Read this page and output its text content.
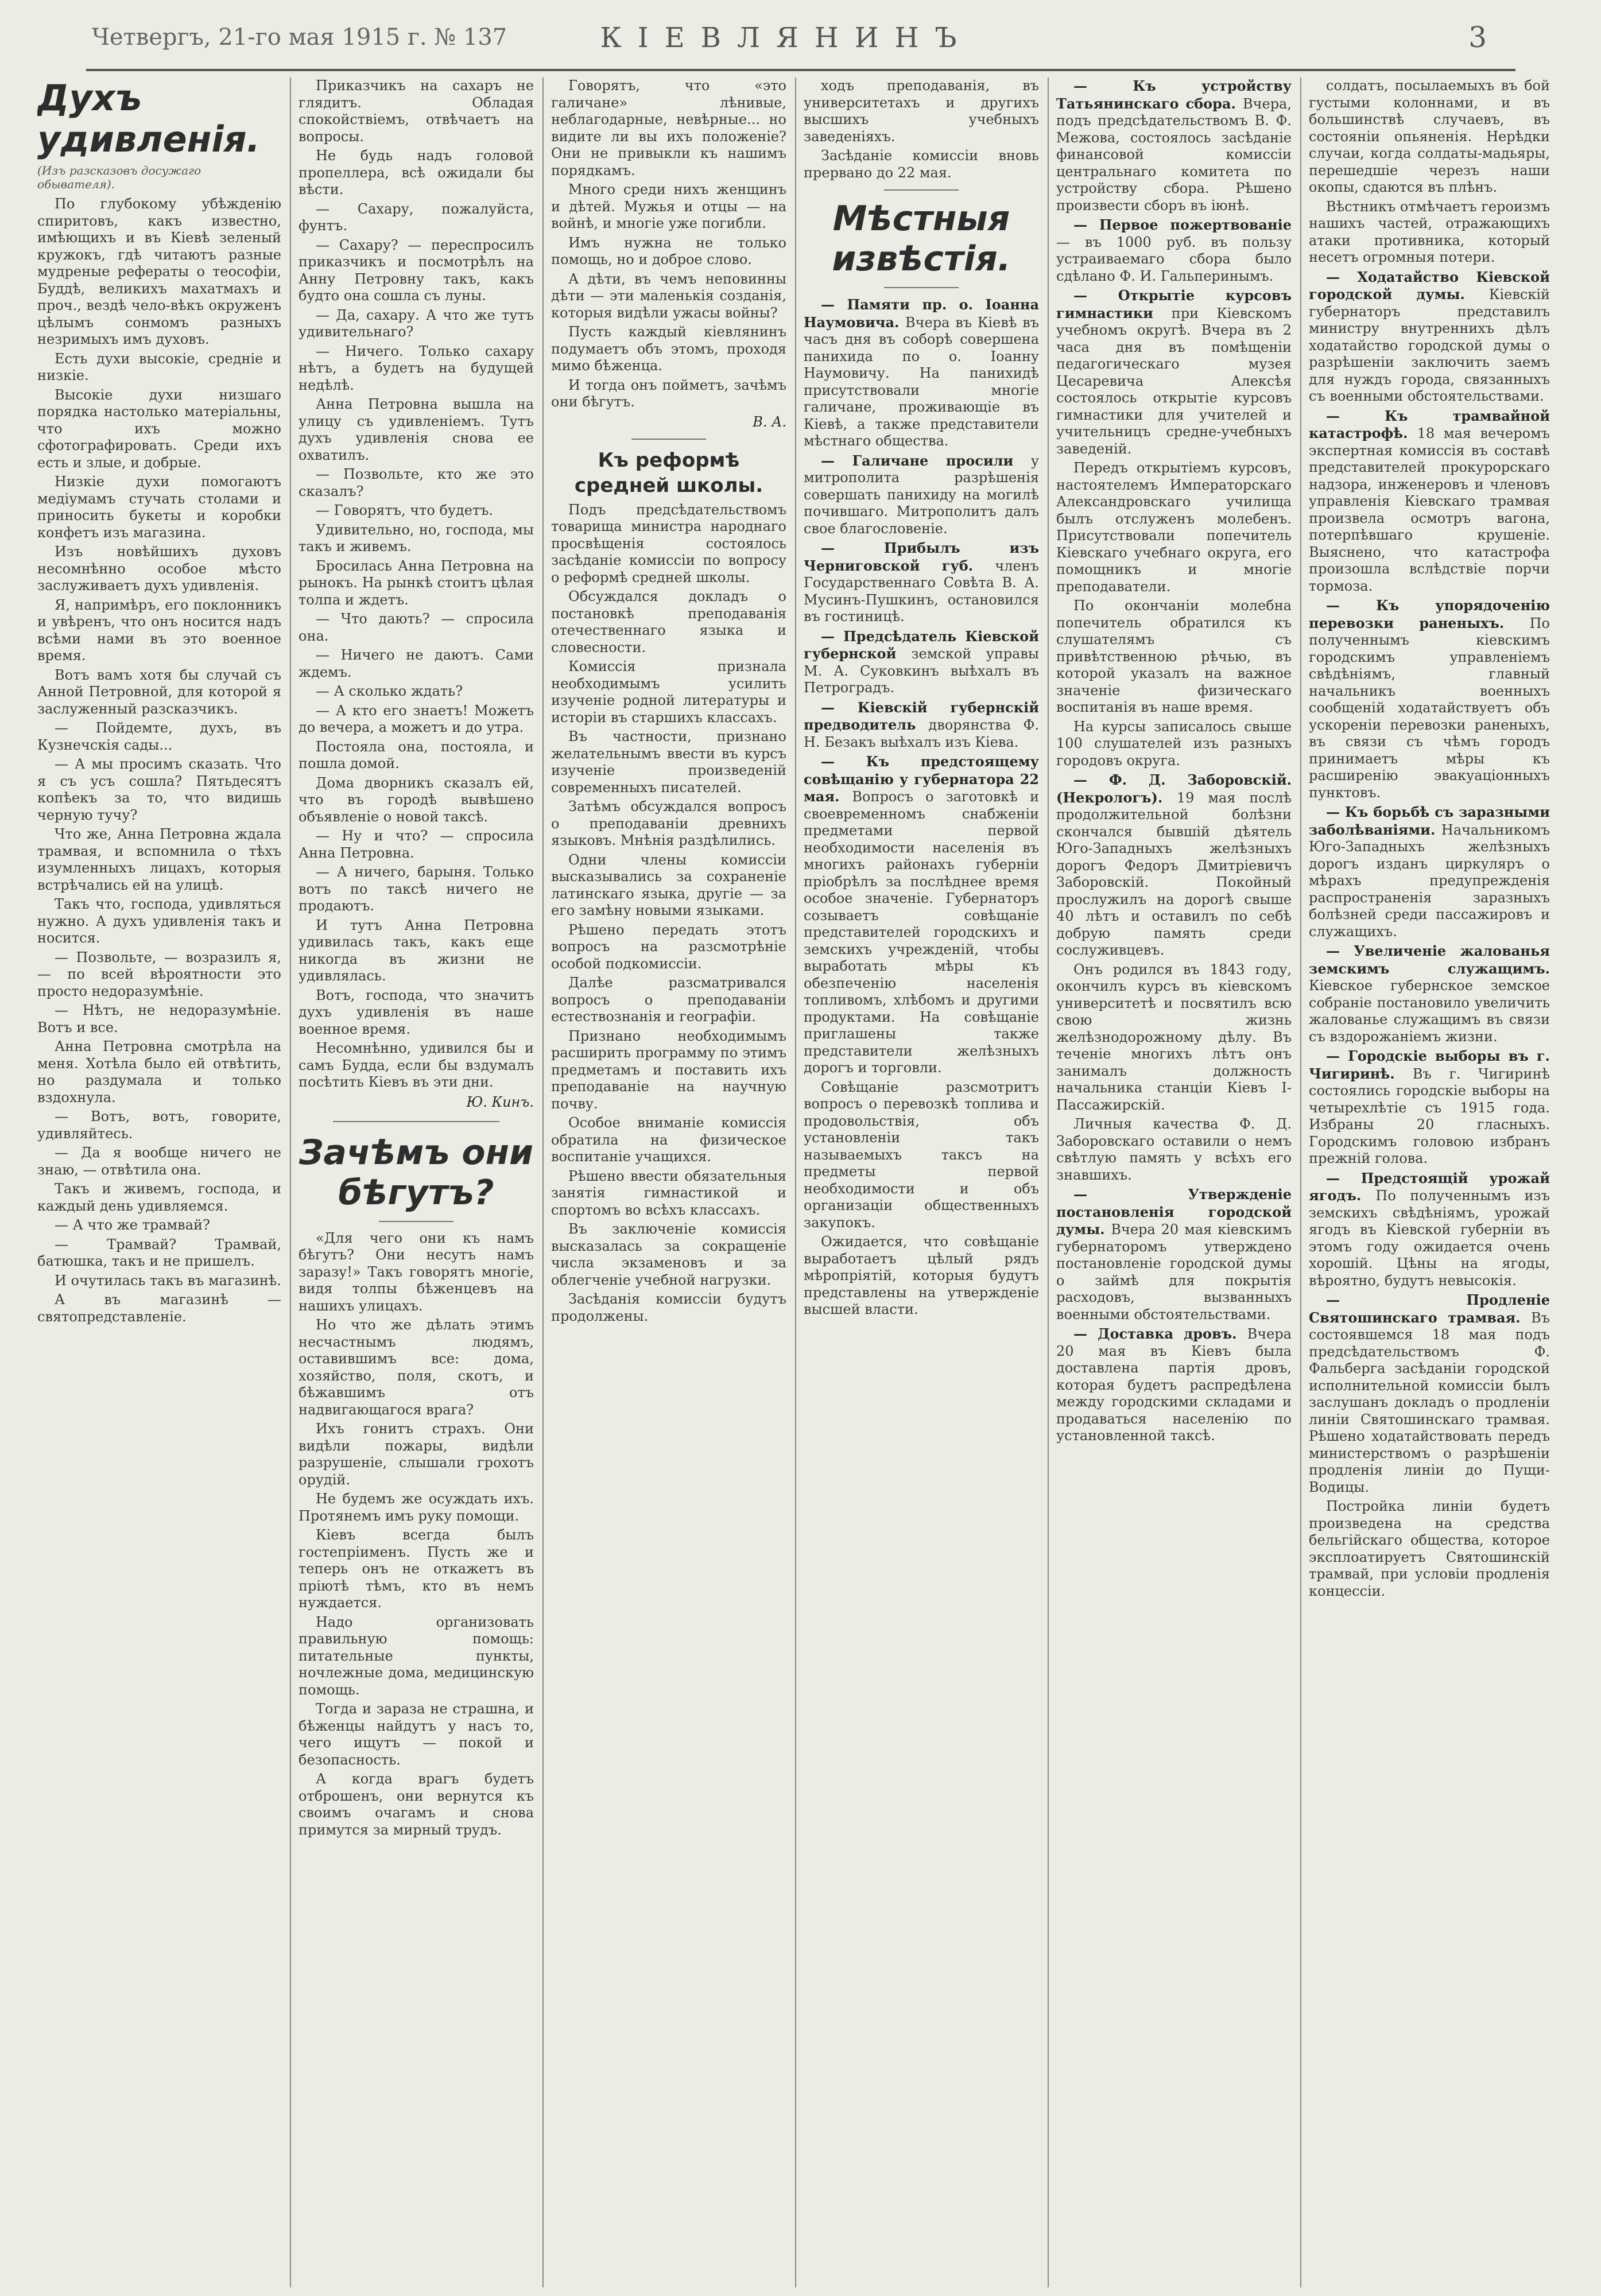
Четвергъ, 21-го мая 1915 г. № 137	КІЕВЛЯНИНЪ	3
Духъ удивленія.
(Изъ разсказовъ досужаго обывателя).

По глубокому убѣжденію спиритовъ, какъ известно, имѣющихъ и въ Кіевѣ зеленый кружокъ, гдѣ читаютъ разные мудреные рефераты о теософіи, Буддѣ, великихъ махатмахъ и проч., вездѣ чело-вѣкъ окруженъ цѣлымъ сонмомъ разныхъ незримыхъ имъ духовъ.

Есть духи высокіе, средніе и низкіе.

Высокіе духи низшаго порядка настолько матеріальны, что ихъ можно сфотографировать. Среди ихъ есть и злые, и добрые.

Низкіе духи помогаютъ медіумамъ стучать столами и приносить букеты и коробки конфетъ изъ магазина.

Изъ новѣйшихъ духовъ несомнѣнно особое мѣсто заслуживаетъ духъ удивленія.

Я, напримѣръ, его поклонникъ и увѣренъ, что онъ носится надъ всѣми нами въ это военное время.

Вотъ вамъ хотя бы случай съ Анной Петровной, для которой я заслуженный разсказчикъ.

— Пойдемте, духъ, въ Кузнечскія сады...

— А мы просимъ сказать. Что я съ усъ сошла? Пятьдесятъ копѣекъ за то, что видишь черную тучу?

Что же, Анна Петровна ждала трамвая, и вспомнила о тѣхъ изумленныхъ лицахъ, которыя встрѣчались ей на улицѣ.

Такъ что, господа, удивляться нужно. А духъ удивленія такъ и носится.

— Позвольте, — возразилъ я, — по всей вѣроятности это просто недоразумѣніе.

— Нѣтъ, не недоразумѣніе. Вотъ и все.

Анна Петровна смотрѣла на меня. Хотѣла было ей отвѣтить, но раздумала и только вздохнула.

— Вотъ, вотъ, говорите, удивляйтесь.

— Да я вообще ничего не знаю, — отвѣтила она.

Такъ и живемъ, господа, и каждый день удивляемся.

— А что же трамвай?

— Трамвай? Трамвай, батюшка, такъ и не пришелъ.

И очутилась такъ въ магазинѣ.

А въ магазинѣ — святопредставленіе.

Приказчикъ на сахаръ не глядитъ. Обладая спокойствіемъ, отвѣчаетъ на вопросы.

Не будь надъ головой пропеллера, всѣ ожидали бы вѣсти.

— Сахару, пожалуйста, фунтъ.

— Сахару? — переспросилъ приказчикъ и посмотрѣлъ на Анну Петровну такъ, какъ будто она сошла съ луны.

— Да, сахару. А что же тутъ удивительнаго?

— Ничего. Только сахару нѣтъ, а будетъ на будущей недѣлѣ.

Анна Петровна вышла на улицу съ удивленіемъ. Тутъ духъ удивленія снова ее охватилъ.

— Позвольте, кто же это сказалъ?

— Говорятъ, что будетъ.

Удивительно, но, господа, мы такъ и живемъ.

Бросилась Анна Петровна на рынокъ. На рынкѣ стоитъ цѣлая толпа и ждетъ.

— Что дають? — спросила она.

— Ничего не даютъ. Сами ждемъ.

— А сколько ждать?

— А кто его знаетъ! Можетъ до вечера, а можетъ и до утра.

Постояла она, постояла, и пошла домой.

Дома дворникъ сказалъ ей, что въ городѣ вывѣшено объявленіе о новой таксѣ.

— Ну и что? — спросила Анна Петровна.

— А ничего, барыня. Только вотъ по таксѣ ничего не продаютъ.

И тутъ Анна Петровна удивилась такъ, какъ еще никогда въ жизни не удивлялась.

Вотъ, господа, что значитъ духъ удивленія въ наше военное время.

Несомнѣнно, удивился бы и самъ Будда, если бы вздумалъ посѣтить Кіевъ въ эти дни.

Ю. Кинъ.
Зачѣмъ они бѣгутъ?

«Для чего они къ намъ бѣгутъ? Они несутъ намъ заразу!» Такъ говорятъ многіе, видя толпы бѣженцевъ на нашихъ улицахъ.

Но что же дѣлать этимъ несчастнымъ людямъ, оставившимъ все: дома, хозяйство, поля, скотъ, и бѣжавшимъ отъ надвигающагося врага?

Ихъ гонитъ страхъ. Они видѣли пожары, видѣли разрушеніе, слышали грохотъ орудій.

Не будемъ же осуждать ихъ. Протянемъ имъ руку помощи.

Кіевъ всегда былъ гостепріименъ. Пусть же и теперь онъ не откажетъ въ пріютѣ тѣмъ, кто въ немъ нуждается.

Надо организовать правильную помощь: питательные пункты, ночлежные дома, медицинскую помощь.

Тогда и зараза не страшна, и бѣженцы найдутъ у насъ то, чего ищутъ — покой и безопасность.

А когда врагъ будетъ отброшенъ, они вернутся къ своимъ очагамъ и снова примутся за мирный трудъ.

Говорятъ, что «это галичане» лѣнивые, неблагодарные, невѣрные... но видите ли вы ихъ положеніе? Они не привыкли къ нашимъ порядкамъ.

Много среди нихъ женщинъ и дѣтей. Мужья и отцы — на войнѣ, и многіе уже погибли.

Имъ нужна не только помощь, но и доброе слово.

А дѣти, въ чемъ неповинны дѣти — эти маленькія созданія, которыя видѣли ужасы войны?

Пусть каждый кіевлянинъ подумаетъ объ этомъ, проходя мимо бѣженца.

И тогда онъ пойметъ, зачѣмъ они бѣгутъ.

В. А.
Къ реформѣ средней школы.

Подъ предсѣдательствомъ товарища министра народнаго просвѣщенія состоялось засѣданіе комиссіи по вопросу о реформѣ средней школы.

Обсуждался докладъ о постановкѣ преподаванія отечественнаго языка и словесности.

Комиссія признала необходимымъ усилить изученіе родной литературы и исторіи въ старшихъ классахъ.

Въ частности, признано желательнымъ ввести въ курсъ изученіе произведеній современныхъ писателей.

Затѣмъ обсуждался вопросъ о преподаваніи древнихъ языковъ. Мнѣнія раздѣлились.

Одни члены комиссіи высказывались за сохраненіе латинскаго языка, другіе — за его замѣну новыми языками.

Рѣшено передать этотъ вопросъ на разсмотрѣніе особой подкомиссіи.

Далѣе разсматривался вопросъ о преподаваніи естествознанія и географіи.

Признано необходимымъ расширить программу по этимъ предметамъ и поставить ихъ преподаваніе на научную почву.

Особое вниманіе комиссія обратила на физическое воспитаніе учащихся.

Рѣшено ввести обязательныя занятія гимнастикой и спортомъ во всѣхъ классахъ.

Въ заключеніе комиссія высказалась за сокращеніе числа экзаменовъ и за облегченіе учебной нагрузки.

Засѣданія комиссіи будутъ продолжены.

ходъ преподаванія, въ университетахъ и другихъ высшихъ учебныхъ заведеніяхъ.

Засѣданіе комиссіи вновь прервано до 22 мая.

Мѣстныя извѣстія.

— Памяти пр. о. Іоанна Наумовича. Вчера въ Кіевѣ въ часъ дня въ соборѣ совершена панихида по о. Іоанну Наумовичу. На панихидѣ присутствовали многіе галичане, проживающіе въ Кіевѣ, а также представители мѣстнаго общества.

— Галичане просили у митрополита разрѣшенія совершать панихиду на могилѣ почившаго. Митрополитъ далъ свое благословеніе.

— Прибылъ изъ Черниговской губ. членъ Государственнаго Совѣта В. А. Мусинъ-Пушкинъ, остановился въ гостиницѣ.

— Предсѣдатель Кіевской губернской земской управы М. А. Суковкинъ выѣхалъ въ Петроградъ.

— Кіевскій губернскій предводитель дворянства Ф. Н. Безакъ выѣхалъ изъ Кіева.

— Къ предстоящему совѣщанію у губернатора 22 мая. Вопросъ о заготовкѣ и своевременномъ снабженіи предметами первой необходимости населенія въ многихъ районахъ губерніи пріобрѣлъ за послѣднее время особое значеніе. Губернаторъ созываетъ совѣщаніе представителей городскихъ и земскихъ учрежденій, чтобы выработать мѣры къ обезпеченію населенія топливомъ, хлѣбомъ и другими продуктами. На совѣщаніе приглашены также представители желѣзныхъ дорогъ и торговли.

Совѣщаніе разсмотритъ вопросъ о перевозкѣ топлива и продовольствія, объ установленіи такъ называемыхъ таксъ на предметы первой необходимости и объ организаціи общественныхъ закупокъ.

Ожидается, что совѣщаніе выработаетъ цѣлый рядъ мѣропріятій, которыя будутъ представлены на утвержденіе высшей власти.

— Къ устройству Татьянинскаго сбора. Вчера, подъ предсѣдательствомъ В. Ф. Межова, состоялось засѣданіе финансовой комиссіи центральнаго комитета по устройству сбора. Рѣшено произвести сборъ въ іюнѣ.

— Первое пожертвованіе — въ 1000 руб. въ пользу устраиваемаго сбора было сдѣлано Ф. И. Гальперинымъ.

— Открытіе курсовъ гимнастики при Кіевскомъ учебномъ округѣ. Вчера въ 2 часа дня въ помѣщеніи педагогическаго музея Цесаревича Алексѣя состоялось открытіе курсовъ гимнастики для учителей и учительницъ средне-учебныхъ заведеній.

Передъ открытіемъ курсовъ, настоятелемъ Императорскаго Александровскаго училища былъ отслуженъ молебенъ. Присутствовали попечитель Кіевскаго учебнаго округа, его помощникъ и многіе преподаватели.

По окончаніи молебна попечитель обратился къ слушателямъ съ привѣтственною рѣчью, въ которой указалъ на важное значеніе физическаго воспитанія въ наше время.

На курсы записалось свыше 100 слушателей изъ разныхъ городовъ округа.

— Ф. Д. Заборовскій. (Некрологъ). 19 мая послѣ продолжительной болѣзни скончался бывшій дѣятель Юго-Западныхъ желѣзныхъ дорогъ Федоръ Дмитріевичъ Заборовскій. Покойный прослужилъ на дорогѣ свыше 40 лѣтъ и оставилъ по себѣ добрую память среди сослуживцевъ.

Онъ родился въ 1843 году, окончилъ курсъ въ кіевскомъ университетѣ и посвятилъ всю свою жизнь желѣзнодорожному дѣлу. Въ теченіе многихъ лѣтъ онъ занималъ должность начальника станціи Кіевъ I-Пассажирскій.

Личныя качества Ф. Д. Заборовскаго оставили о немъ свѣтлую память у всѣхъ его знавшихъ.

— Утвержденіе постановленія городской думы. Вчера 20 мая кіевскимъ губернаторомъ утверждено постановленіе городской думы о займѣ для покрытія расходовъ, вызванныхъ военными обстоятельствами.

— Доставка дровъ. Вчера 20 мая въ Кіевъ была доставлена партія дровъ, которая будетъ распредѣлена между городскими складами и продаваться населенію по установленной таксѣ.

солдатъ, посылаемыхъ въ бой густыми колоннами, и въ большинствѣ случаевъ, въ состояніи опьяненія. Нерѣдки случаи, когда солдаты-мадьяры, перешедшіе черезъ наши окопы, сдаются въ плѣнъ.

Вѣстникъ отмѣчаетъ героизмъ нашихъ частей, отражающихъ атаки противника, который несетъ огромныя потери.

— Ходатайство Кіевской городской думы. Кіевскій губернаторъ представилъ министру внутреннихъ дѣлъ ходатайство городской думы о разрѣшеніи заключить заемъ для нуждъ города, связанныхъ съ военными обстоятельствами.

— Къ трамвайной катастрофѣ. 18 мая вечеромъ экспертная комиссія въ составѣ представителей прокурорскаго надзора, инженеровъ и членовъ управленія Кіевскаго трамвая произвела осмотръ вагона, потерпѣвшаго крушеніе. Выяснено, что катастрофа произошла вслѣдствіе порчи тормоза.

— Къ упорядоченію перевозки раненыхъ. По полученнымъ кіевскимъ городскимъ управленіемъ свѣдѣніямъ, главный начальникъ военныхъ сообщеній ходатайствуетъ объ ускореніи перевозки раненыхъ, въ связи съ чѣмъ городъ принимаетъ мѣры къ расширенію эвакуаціонныхъ пунктовъ.

— Къ борьбѣ съ заразными заболѣваніями. Начальникомъ Юго-Западныхъ желѣзныхъ дорогъ изданъ циркуляръ о мѣрахъ предупрежденія распространенія заразныхъ болѣзней среди пассажировъ и служащихъ.

— Увеличеніе жалованья земскимъ служащимъ. Кіевское губернское земское собраніе постановило увеличить жалованье служащимъ въ связи съ вздорожаніемъ жизни.

— Городскіе выборы въ г. Чигиринѣ. Въ г. Чигиринѣ состоялись городскіе выборы на четырехлѣтіе съ 1915 года. Избраны 20 гласныхъ. Городскимъ головою избранъ прежній голова.

— Предстоящій урожай ягодъ. По полученнымъ изъ земскихъ свѣдѣніямъ, урожай ягодъ въ Кіевской губерніи въ этомъ году ожидается очень хорошій. Цѣны на ягоды, вѣроятно, будутъ невысокія.

— Продленіе Святошинскаго трамвая. Въ состоявшемся 18 мая подъ предсѣдательствомъ Ф. Фальберга засѣданіи городской исполнительной комиссіи былъ заслушанъ докладъ о продленіи линіи Святошинскаго трамвая. Рѣшено ходатайствовать передъ министерствомъ о разрѣшеніи продленія линіи до Пущи-Водицы.

Постройка линіи будетъ произведена на средства бельгійскаго общества, которое эксплоатируетъ Святошинскій трамвай, при условіи продленія концессіи.
